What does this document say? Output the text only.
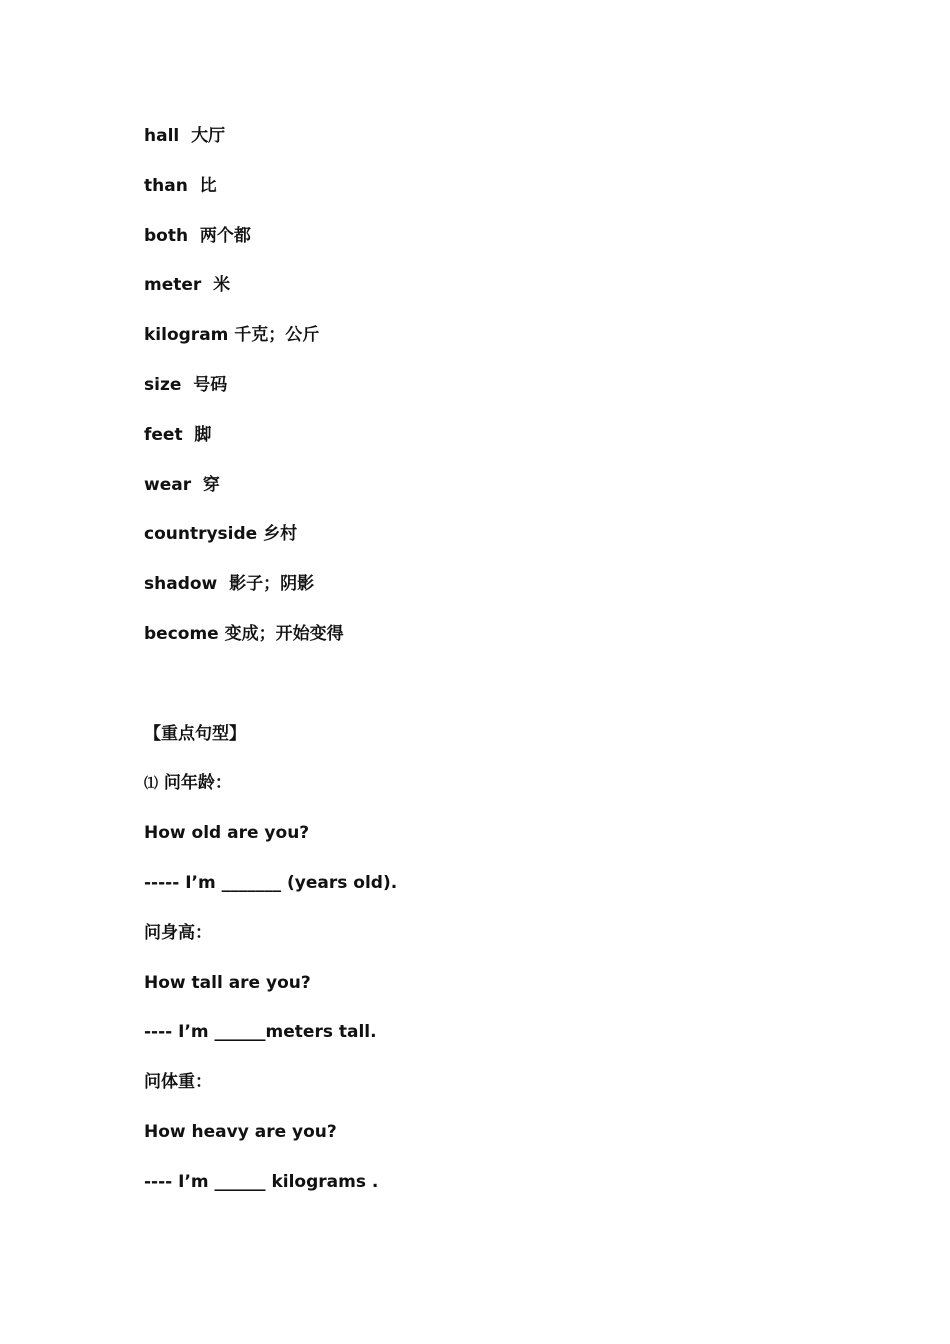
hall  大厅
than  比
both  两个都
meter  米
kilogram 千克；公斤
size  号码
feet  脚
wear  穿
countryside 乡村
shadow  影子；阴影
become 变成；开始变得
【重点句型】
⑴ 问年龄：
How old are you?
----- I’m _______ (years old).
问身高：
How tall are you?
---- I’m ______meters tall.
问体重：
How heavy are you?
---- I’m ______ kilograms .
